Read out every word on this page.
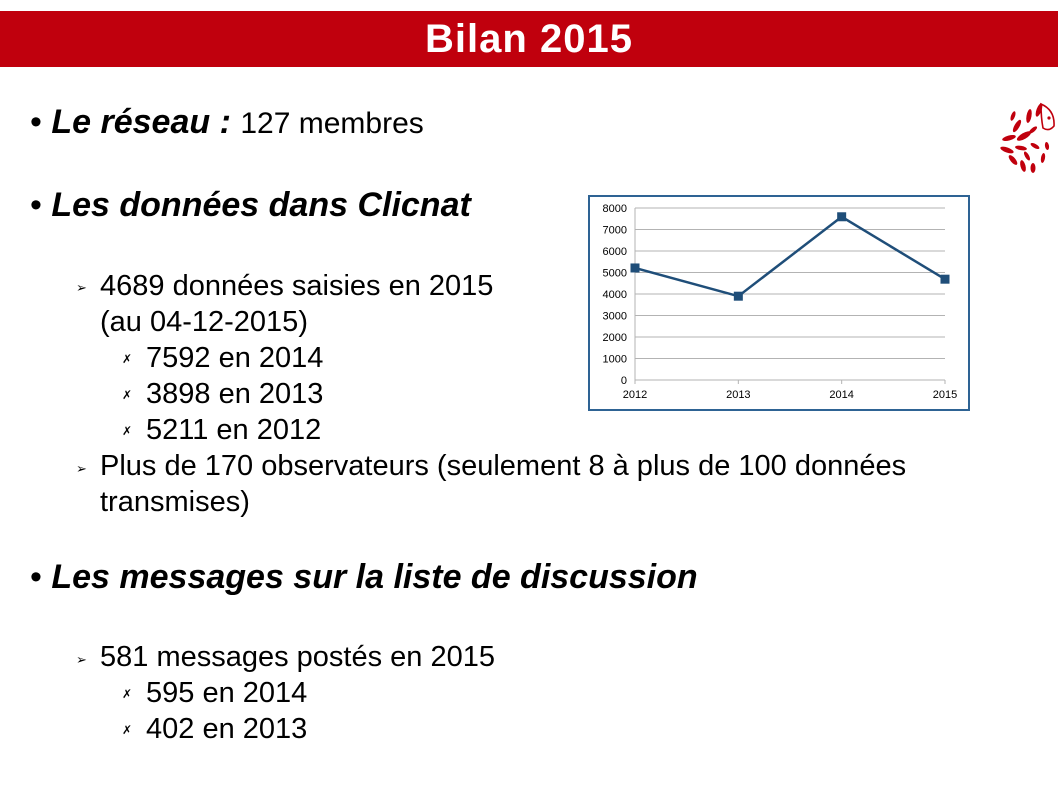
Bilan 2015
• Le réseau : 127 membres
• Les données dans Clicnat
➢ 4689 données saisies en 2015
(au 04-12-2015)
✗ 7592 en 2014
✗ 3898 en 2013
✗ 5211 en 2012
➢ Plus de 170 observateurs (seulement 8 à plus de 100 données
transmises)
• Les messages sur la liste de discussion
➢ 581 messages postés en 2015
✗ 595 en 2014
✗ 402 en 2013
0
1000
2000
3000
4000
5000
6000
7000
8000
2012	2013	2014	2015
